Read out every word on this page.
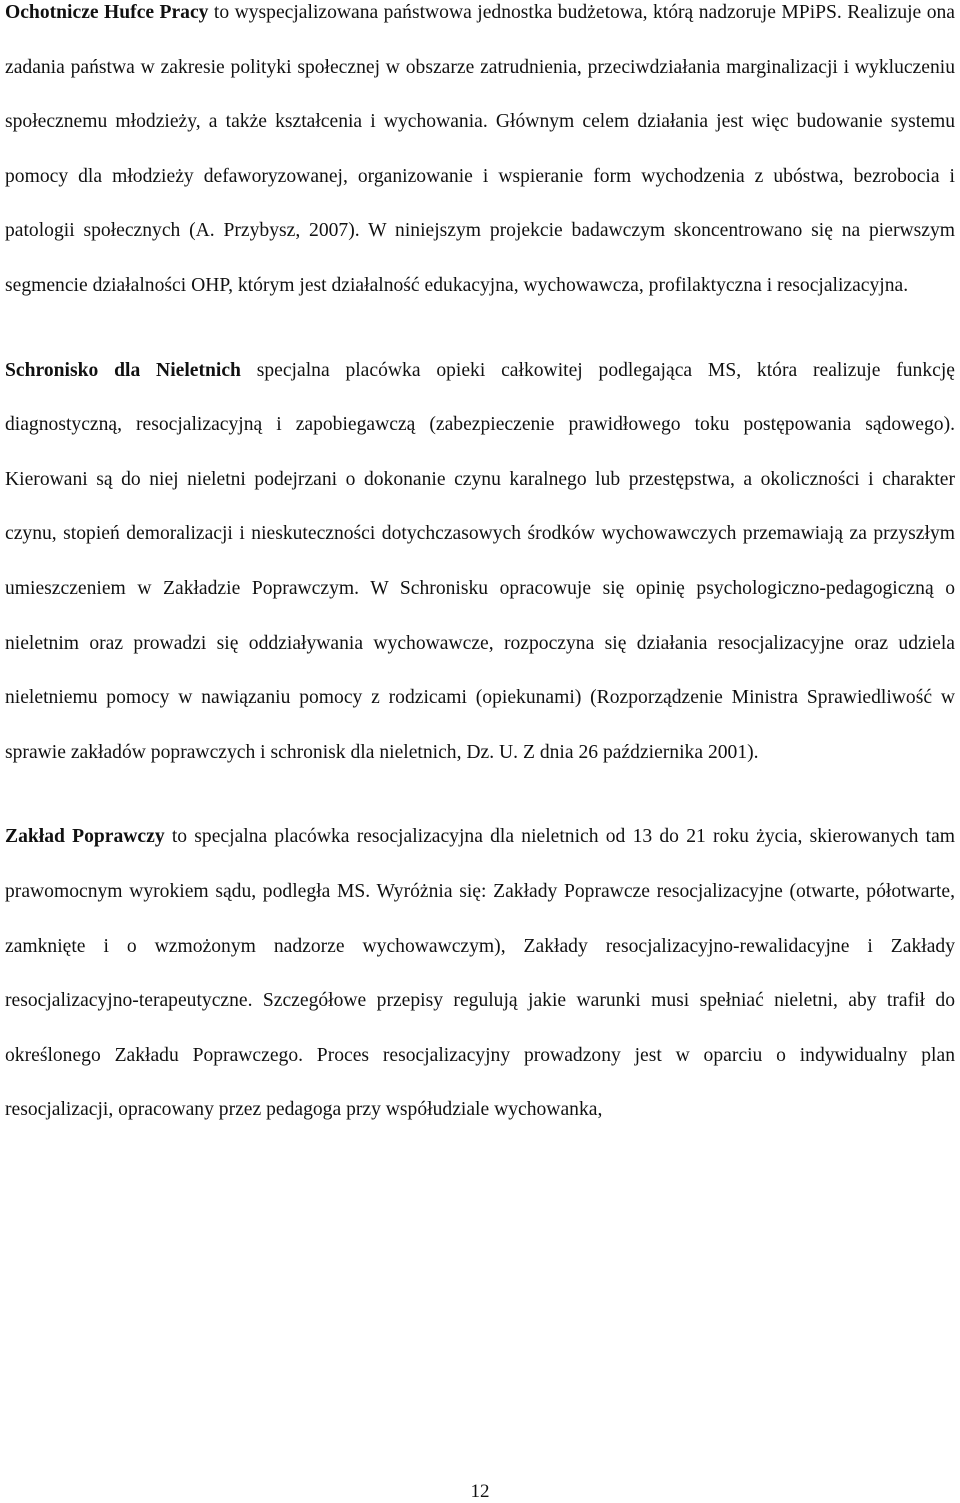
Ochotnicze Hufce Pracy to wyspecjalizowana państwowa jednostka budżetowa, którą nadzoruje MPiPS. Realizuje ona zadania państwa w zakresie polityki społecznej w obszarze zatrudnienia, przeciwdziałania marginalizacji i wykluczeniu społecznemu młodzieży, a także kształcenia i wychowania. Głównym celem działania jest więc budowanie systemu pomocy dla młodzieży defaworyzowanej, organizowanie i wspieranie form wychodzenia z ubóstwa, bezrobocia i patologii społecznych (A. Przybysz, 2007). W niniejszym projekcie badawczym skoncentrowano się na pierwszym segmencie działalności OHP, którym jest działalność edukacyjna, wychowawcza, profilaktyczna i resocjalizacyjna.

Schronisko dla Nieletnich specjalna placówka opieki całkowitej podlegająca MS, która realizuje funkcję diagnostyczną, resocjalizacyjną i zapobiegawczą (zabezpieczenie prawidłowego toku postępowania sądowego). Kierowani są do niej nieletni podejrzani o dokonanie czynu karalnego lub przestępstwa, a okoliczności i charakter czynu, stopień demoralizacji i nieskuteczności dotychczasowych środków wychowawczych przemawiają za przyszłym umieszczeniem w Zakładzie Poprawczym. W Schronisku opracowuje się opinię psychologiczno-pedagogiczną o nieletnim oraz prowadzi się oddziaływania wychowawcze, rozpoczyna się działania resocjalizacyjne oraz udziela nieletniemu pomocy w nawiązaniu pomocy z rodzicami (opiekunami) (Rozporządzenie Ministra Sprawiedliwość w sprawie zakładów poprawczych i schronisk dla nieletnich, Dz. U. Z dnia 26 października 2001).

Zakład Poprawczy to specjalna placówka resocjalizacyjna dla nieletnich od 13 do 21 roku życia, skierowanych tam prawomocnym wyrokiem sądu, podległa MS. Wyróżnia się: Zakłady Poprawcze resocjalizacyjne (otwarte, półotwarte, zamknięte i o wzmożonym nadzorze wychowawczym), Zakłady resocjalizacyjno-rewalidacyjne i Zakłady resocjalizacyjno-terapeutyczne. Szczegółowe przepisy regulują jakie warunki musi spełniać nieletni, aby trafił do określonego Zakładu Poprawczego. Proces resocjalizacyjny prowadzony jest w oparciu o indywidualny plan resocjalizacji, opracowany przez pedagoga przy współudziale wychowanka,

12
